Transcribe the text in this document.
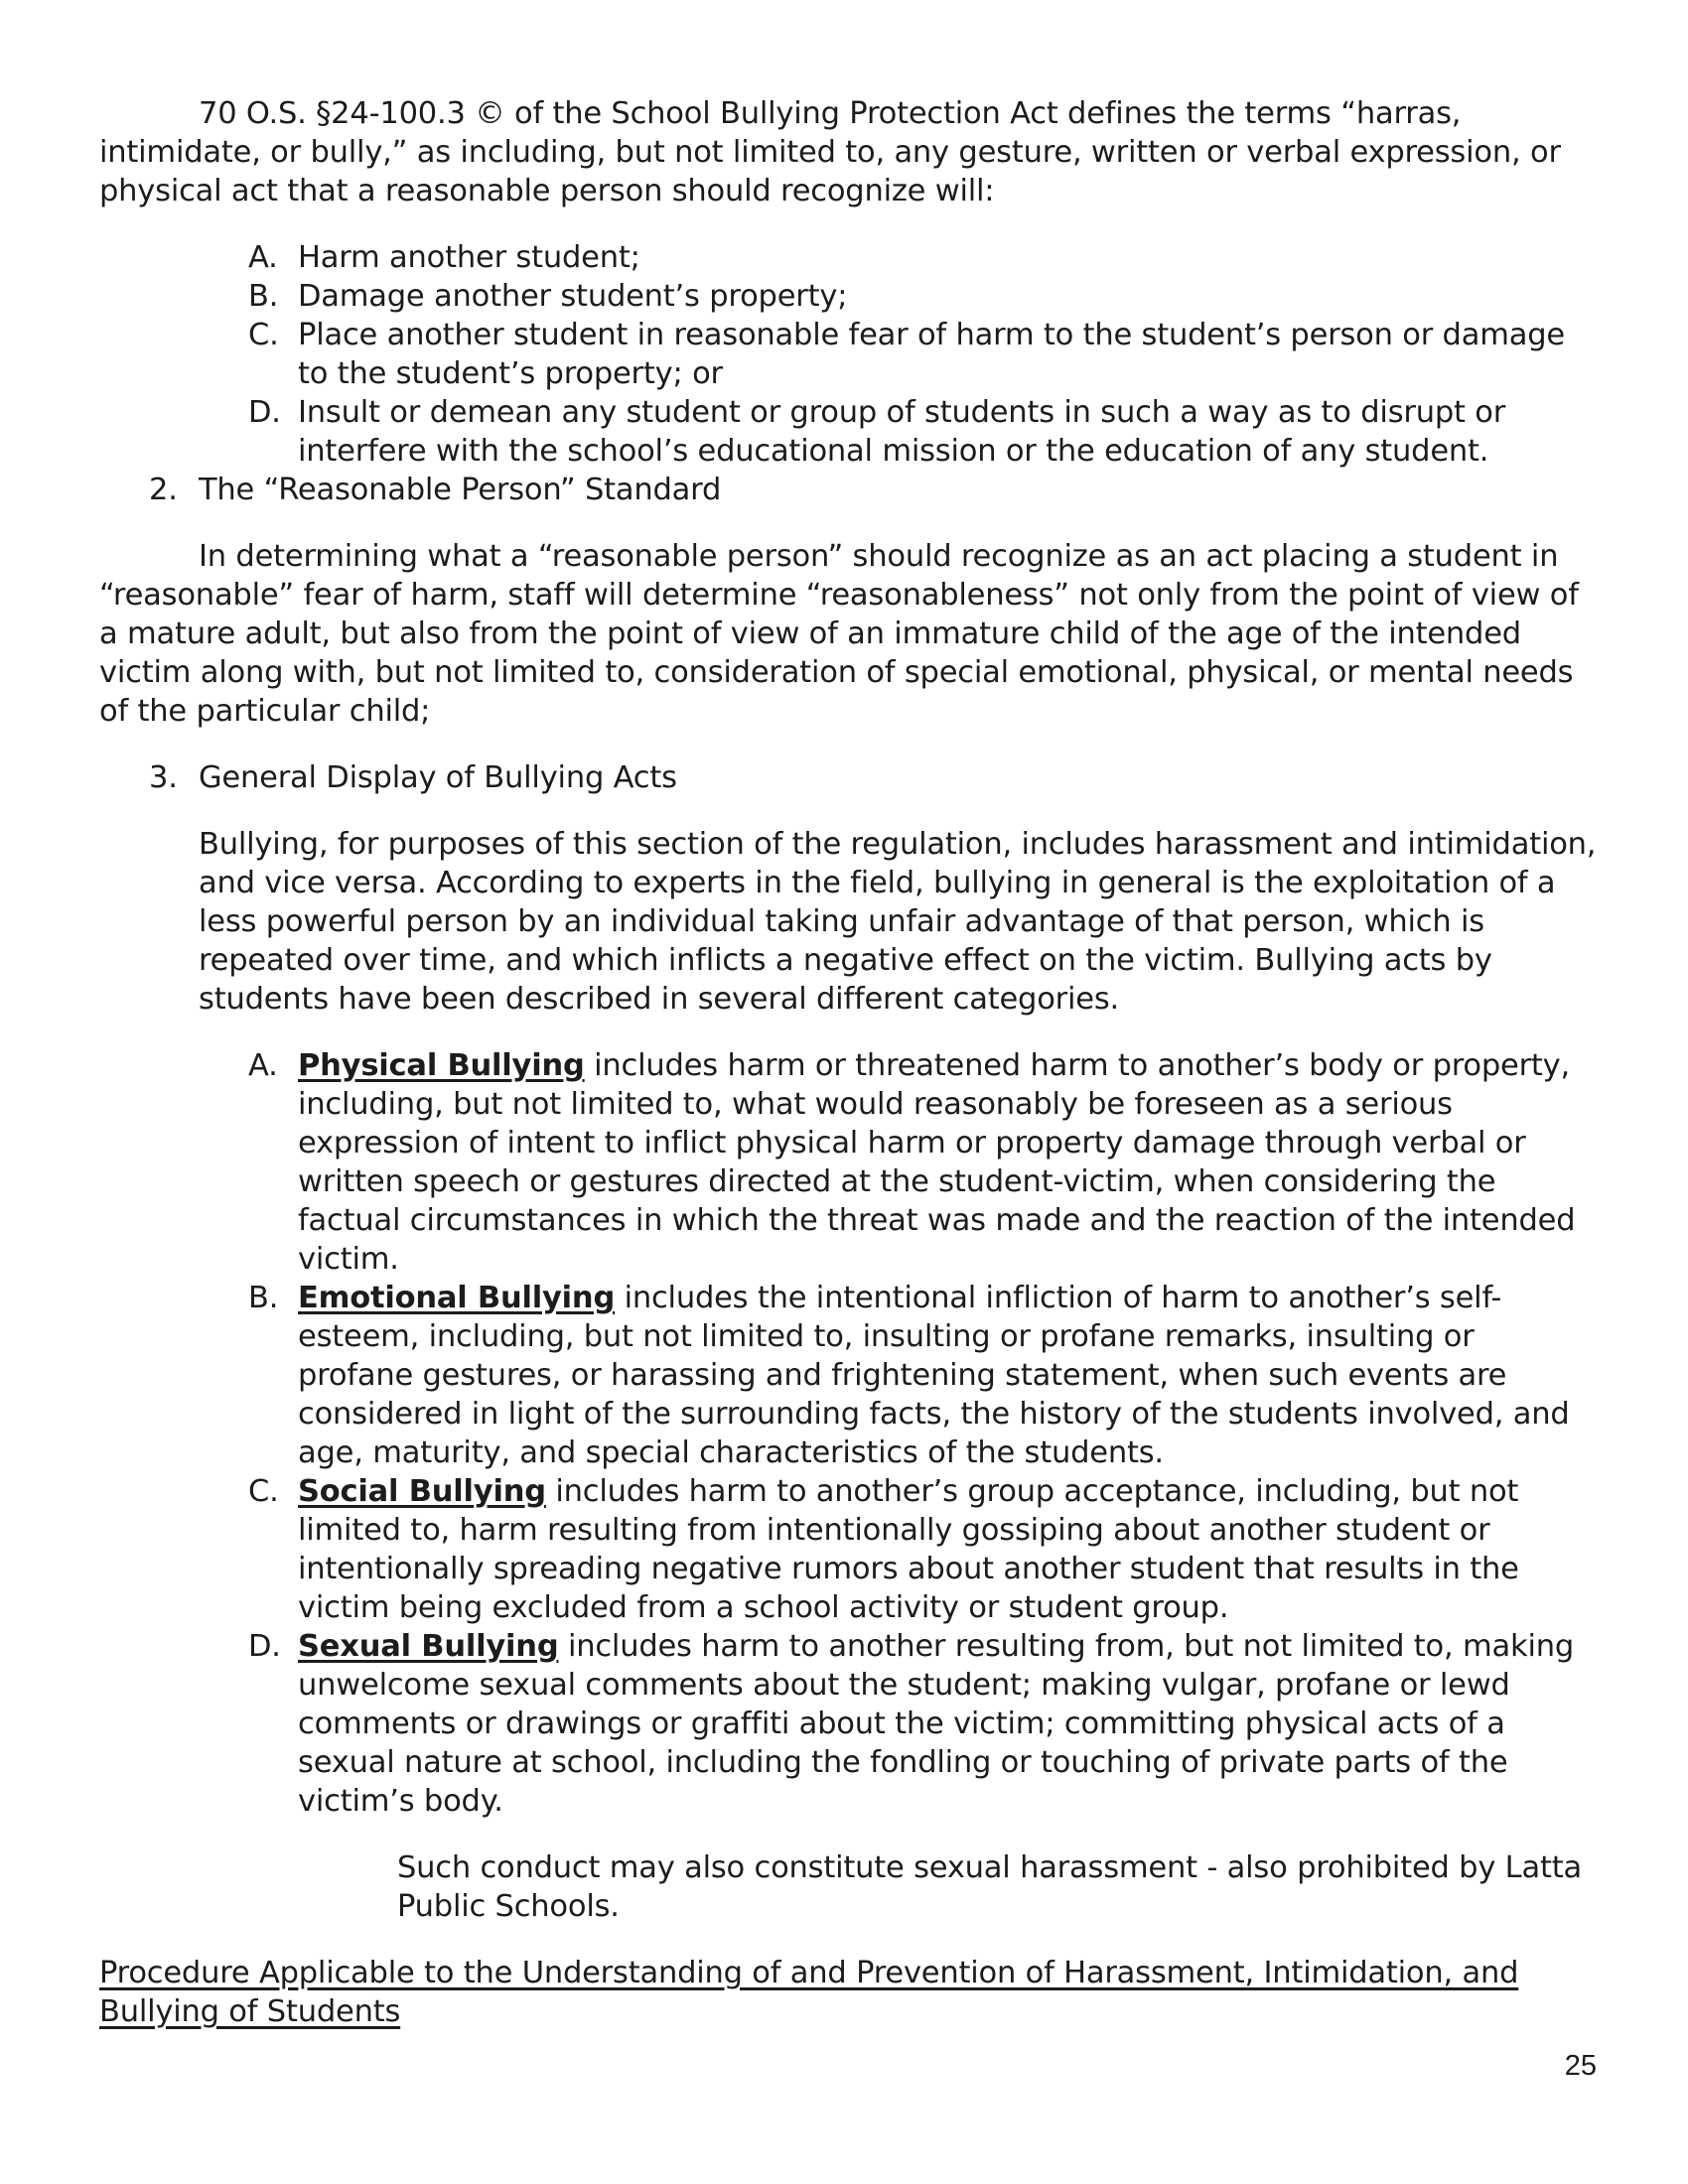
70 O.S. §24-100.3 © of the School Bullying Protection Act defines the terms “harras, intimidate, or bully,” as including, but not limited to, any gesture, written or verbal expression, or physical act that a reasonable person should recognize will:

A. Harm another student;
B. Damage another student’s property;
C. Place another student in reasonable fear of harm to the student’s person or damage to the student’s property; or
D. Insult or demean any student or group of students in such a way as to disrupt or interfere with the school’s educational mission or the education of any student.
2. The “Reasonable Person” Standard

In determining what a “reasonable person” should recognize as an act placing a student in “reasonable” fear of harm, staff will determine “reasonableness” not only from the point of view of a mature adult, but also from the point of view of an immature child of the age of the intended victim along with, but not limited to, consideration of special emotional, physical, or mental needs of the particular child;

3. General Display of Bullying Acts

Bullying, for purposes of this section of the regulation, includes harassment and intimidation, and vice versa. According to experts in the field, bullying in general is the exploitation of a less powerful person by an individual taking unfair advantage of that person, which is repeated over time, and which inflicts a negative effect on the victim. Bullying acts by students have been described in several different categories.

A. Physical Bullying includes harm or threatened harm to another’s body or property, including, but not limited to, what would reasonably be foreseen as a serious expression of intent to inflict physical harm or property damage through verbal or written speech or gestures directed at the student-victim, when considering the factual circumstances in which the threat was made and the reaction of the intended victim.
B. Emotional Bullying includes the intentional infliction of harm to another’s self-esteem, including, but not limited to, insulting or profane remarks, insulting or profane gestures, or harassing and frightening statement, when such events are considered in light of the surrounding facts, the history of the students involved, and age, maturity, and special characteristics of the students.
C. Social Bullying includes harm to another’s group acceptance, including, but not limited to, harm resulting from intentionally gossiping about another student or intentionally spreading negative rumors about another student that results in the victim being excluded from a school activity or student group.
D. Sexual Bullying includes harm to another resulting from, but not limited to, making unwelcome sexual comments about the student; making vulgar, profane or lewd comments or drawings or graffiti about the victim; committing physical acts of a sexual nature at school, including the fondling or touching of private parts of the victim’s body.

Such conduct may also constitute sexual harassment - also prohibited by Latta Public Schools.

Procedure Applicable to the Understanding of and Prevention of Harassment, Intimidation, and Bullying of Students

25
